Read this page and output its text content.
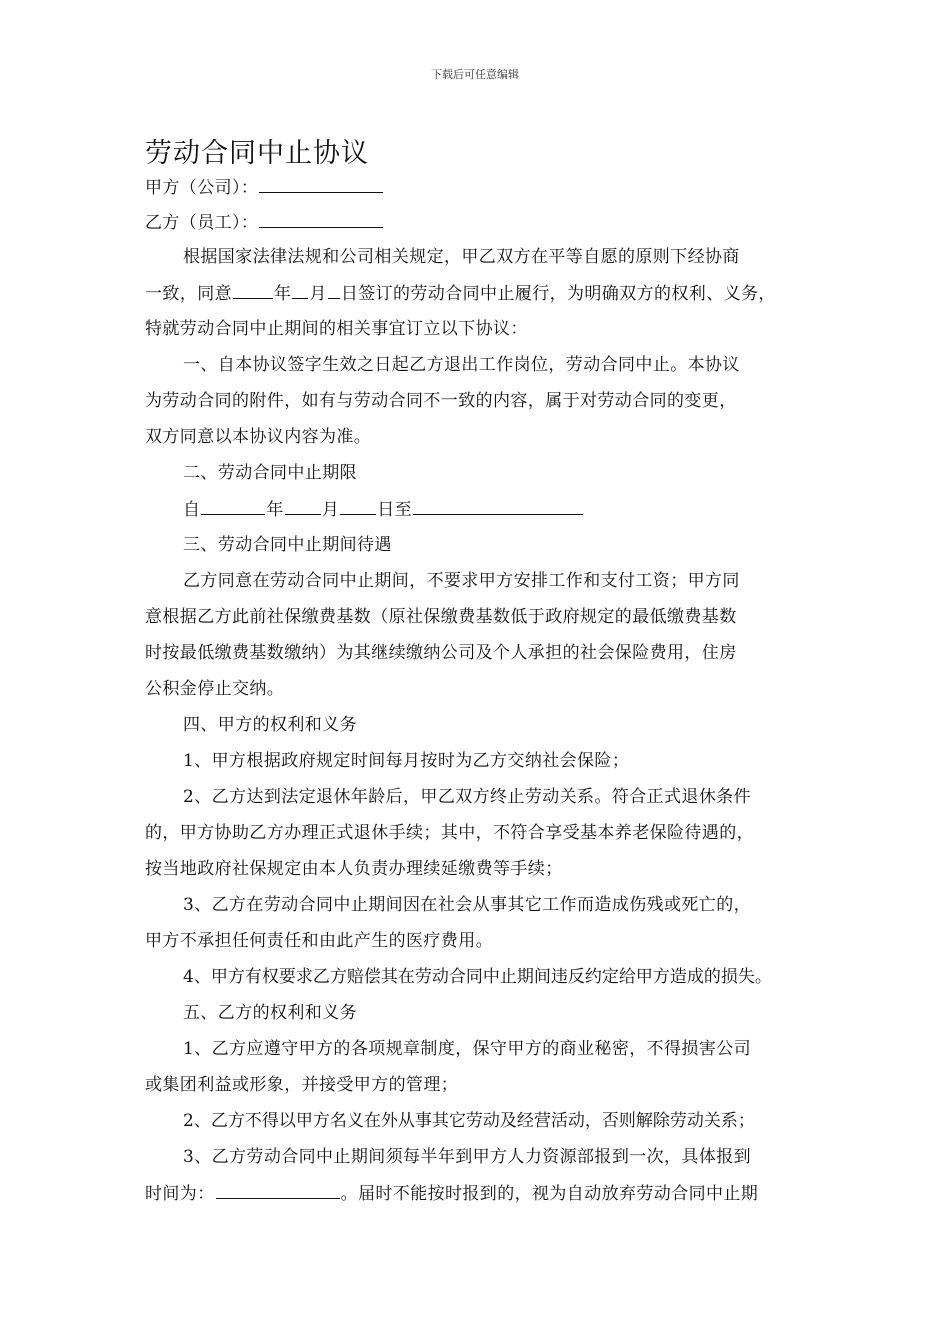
下载后可任意编辑
劳动合同中止协议
甲方（公司）：
乙方（员工）：
根据国家法律法规和公司相关规定，甲乙双方在平等自愿的原则下经协商
一致，同意 年 月 日签订的劳动合同中止履行，为明确双方的权利、义务，
特就劳动合同中止期间的相关事宜订立以下协议：
一、自本协议签字生效之日起乙方退出工作岗位，劳动合同中止。本协议
为劳动合同的附件，如有与劳动合同不一致的内容，属于对劳动合同的变更，
双方同意以本协议内容为准。
二、劳动合同中止期限
自	年 月 日至
三、劳动合同中止期间待遇
乙方同意在劳动合同中止期间，不要求甲方安排工作和支付工资；甲方同
意根据乙方此前社保缴费基数（原社保缴费基数低于政府规定的最低缴费基数
时按最低缴费基数缴纳）为其继续缴纳公司及个人承担的社会保险费用，住房
公积金停止交纳。
四、甲方的权利和义务
1、甲方根据政府规定时间每月按时为乙方交纳社会保险；
2、乙方达到法定退休年龄后，甲乙双方终止劳动关系。符合正式退休条件
的，甲方协助乙方办理正式退休手续；其中，不符合享受基本养老保险待遇的，
按当地政府社保规定由本人负责办理续延缴费等手续；
3、乙方在劳动合同中止期间因在社会从事其它工作而造成伤残或死亡的，
甲方不承担任何责任和由此产生的医疗费用。
4、甲方有权要求乙方赔偿其在劳动合同中止期间违反约定给甲方造成的损失。
五、乙方的权利和义务
1、乙方应遵守甲方的各项规章制度，保守甲方的商业秘密，不得损害公司
或集团利益或形象，并接受甲方的管理；
2、乙方不得以甲方名义在外从事其它劳动及经营活动，否则解除劳动关系；
3、乙方劳动合同中止期间须每半年到甲方人力资源部报到一次，具体报到
时间为：	。届时不能按时报到的，视为自动放弃劳动合同中止期
